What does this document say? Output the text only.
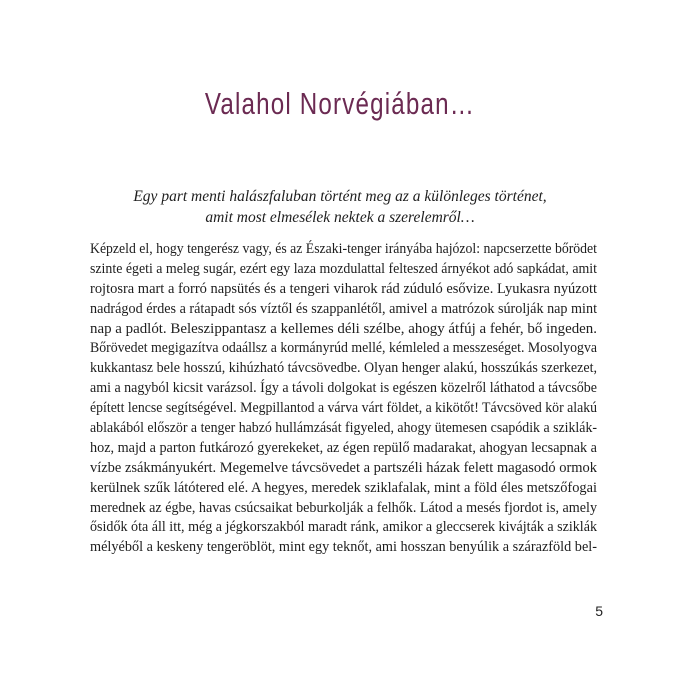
Valahol Norvégiában…
Egy part menti halászfaluban történt meg az a különleges történet,
amit most elmesélek nektek a szerelemről…
Képzeld el, hogy tengerész vagy, és az Északi-tenger irányába hajózol: napcserzette bőrödet
szinte égeti a meleg sugár, ezért egy laza mozdulattal felteszed árnyékot adó sapkádat, amit
rojtosra mart a forró napsütés és a tengeri viharok rád zúduló esővize. Lyukasra nyúzott
nadrágod érdes a rátapadt sós víztől és szappanlétől, amivel a matrózok súrolják nap mint
nap a padlót. Beleszippantasz a kellemes déli szélbe, ahogy átfúj a fehér, bő ingeden.
Bőrövedet megigazítva odaállsz a kormányrúd mellé, kémleled a messzeséget. Mosolyogva
kukkantasz bele hosszú, kihúzható távcsövedbe. Olyan henger alakú, hosszúkás szerkezet,
ami a nagyból kicsit varázsol. Így a távoli dolgokat is egészen közelről láthatod a távcsőbe
épített lencse segítségével. Megpillantod a várva várt földet, a kikötőt! Távcsöved kör alakú
ablakából először a tenger habzó hullámzását figyeled, ahogy ütemesen csapódik a sziklák-
hoz, majd a parton futkározó gyerekeket, az égen repülő madarakat, ahogyan lecsapnak a
vízbe zsákmányukért. Megemelve távcsövedet a partszéli házak felett magasodó ormok
kerülnek szűk látótered elé. A hegyes, meredek sziklafalak, mint a föld éles metszőfogai
merednek az égbe, havas csúcsaikat beburkolják a felhők. Látod a mesés fjordot is, amely
ősidők óta áll itt, még a jégkorszakból maradt ránk, amikor a gleccserek kivájták a sziklák
mélyéből a keskeny tengeröblöt, mint egy teknőt, ami hosszan benyúlik a szárazföld bel-
5
